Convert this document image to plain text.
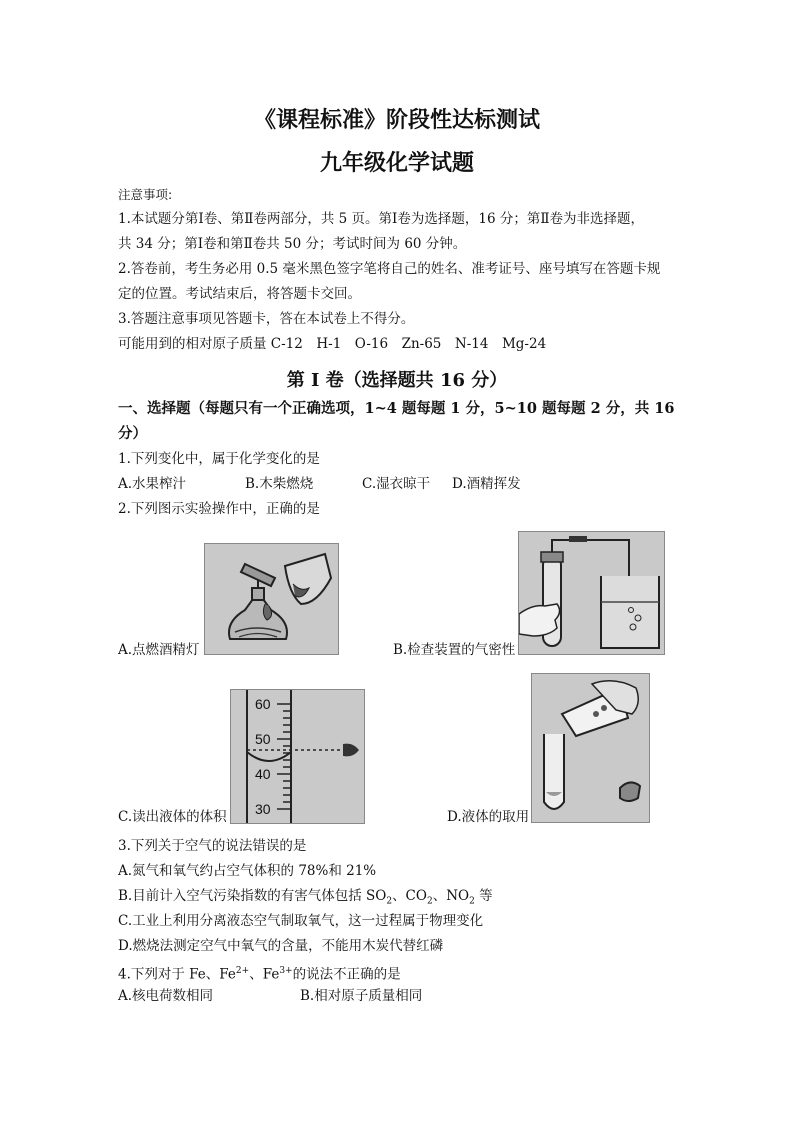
《课程标准》阶段性达标测试
九年级化学试题
注意事项:
1.本试题分第Ⅰ卷、第Ⅱ卷两部分，共 5 页。第Ⅰ卷为选择题，16 分；第Ⅱ卷为非选择题，
共 34 分；第Ⅰ卷和第Ⅱ卷共 50 分；考试时间为 60 分钟。
2.答卷前，考生务必用 0.5 毫米黑色签字笔将自己的姓名、准考证号、座号填写在答题卡规
定的位置。考试结束后，将答题卡交回。
3.答题注意事项见答题卡，答在本试卷上不得分。
可能用到的相对原子质量 C-12　H-1　O-16　Zn-65　N-14　Mg-24
第 I 卷（选择题共 16 分）
一、选择题（每题只有一个正确选项，1~4 题每题 1 分，5~10 题每题 2 分，共 16
分）
1.下列变化中，属于化学变化的是
A.水果榨汁	B.木柴燃烧	C.湿衣晾干 D.酒精挥发
2.下列图示实验操作中，正确的是
A.点燃酒精灯	B.检查装置的气密性
60
50
40
30
C.读出液体的体积	D.液体的取用
3.下列关于空气的说法错误的是
A.氮气和氧气约占空气体积的 78%和 21%
B.目前计入空气污染指数的有害气体包括 $SO_2$、$CO_2$、$NO_2$ 等
C.工业上利用分离液态空气制取氧气，这一过程属于物理变化
D.燃烧法测定空气中氧气的含量，不能用木炭代替红磷
4.下列对于 Fe、$Fe^{2+}$、$Fe^{3+}$的说法不正确的是
A.核电荷数相同	B.相对原子质量相同
